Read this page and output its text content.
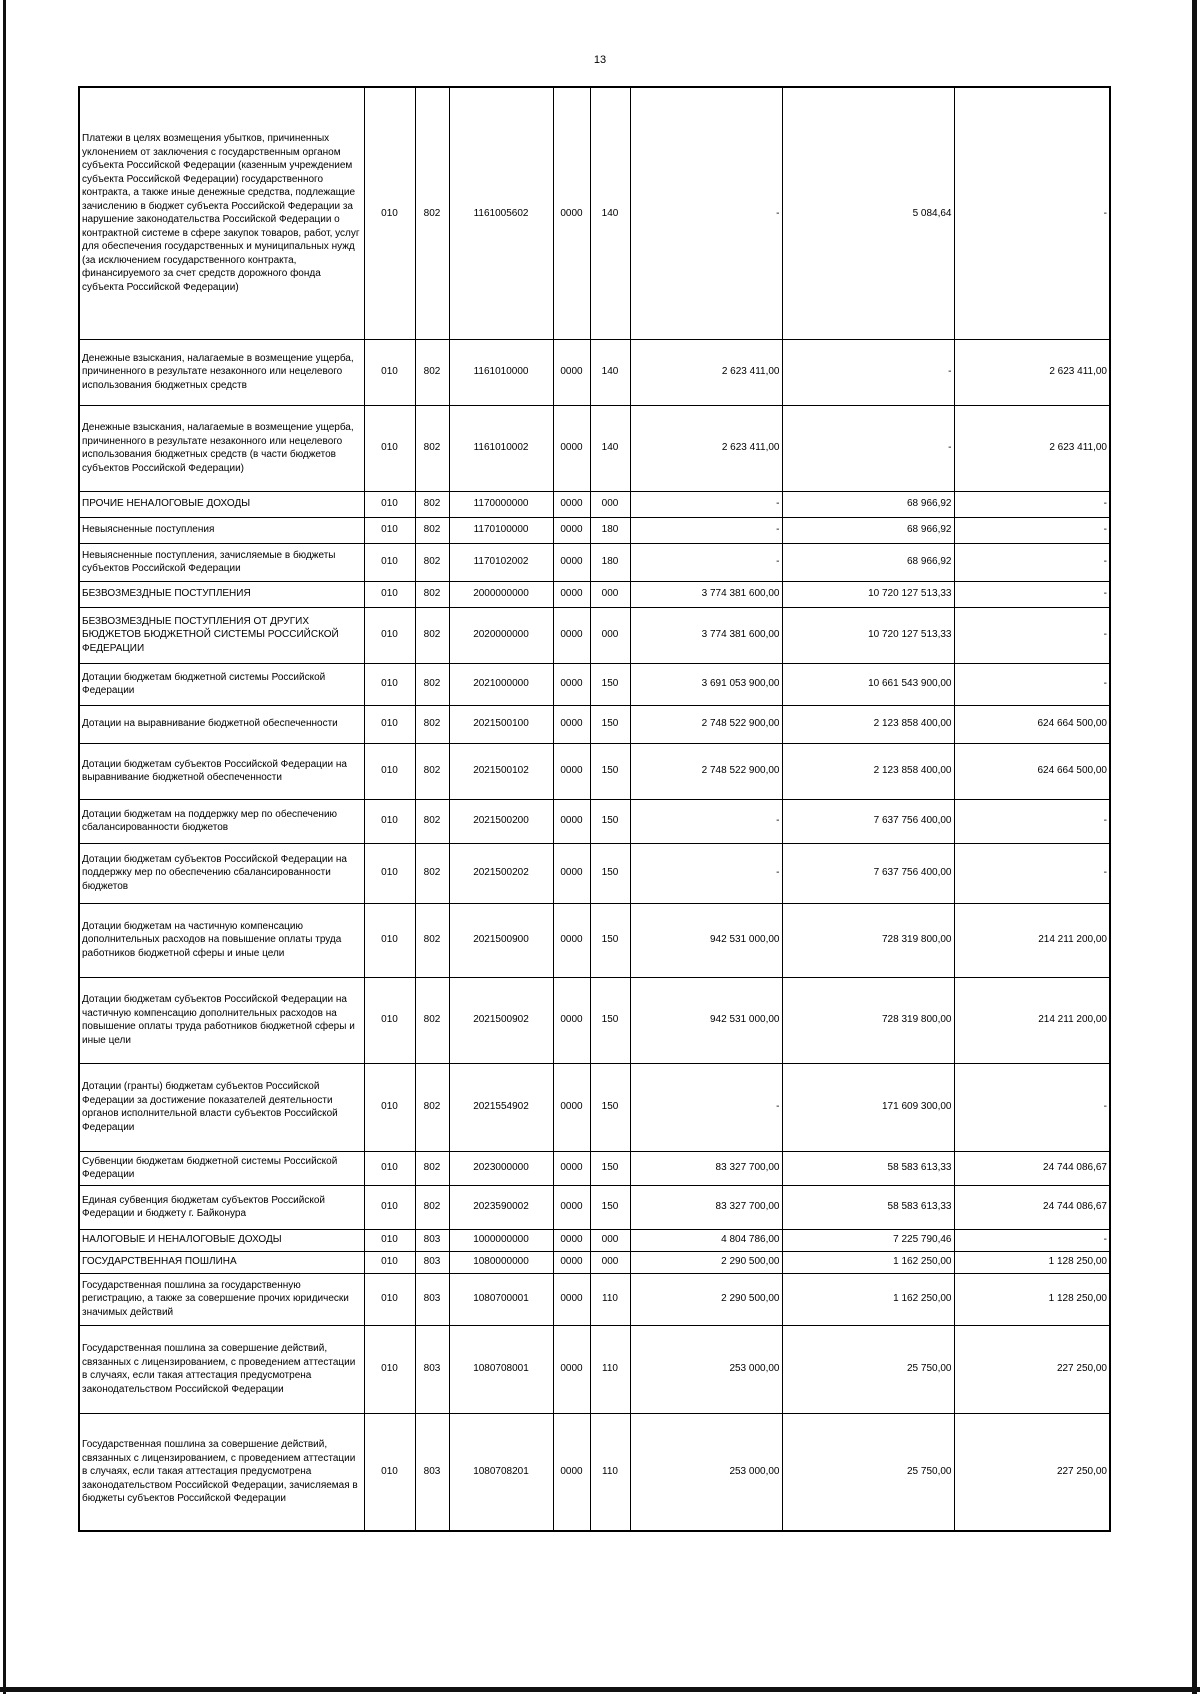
13
Платежи в целях возмещения убытков, причиненных уклонением от заключения с государственным органом субъекта Российской Федерации (казенным учреждением субъекта Российской Федерации) государственного контракта, а также иные денежные средства, подлежащие зачислению в бюджет субъекта Российской Федерации за нарушение законодательства Российской Федерации о контрактной системе в сфере закупок товаров, работ, услуг для обеспечения государственных и муниципальных нужд (за исключением государственного контракта, финансируемого за счет средств дорожного фонда субъекта Российской Федерации)	010	802	1161005602	0000	140	-	5 084,64	-
Денежные взыскания, налагаемые в возмещение ущерба, причиненного в результате незаконного или нецелевого использования бюджетных средств	010	802	1161010000	0000	140	2 623 411,00	-	2 623 411,00
Денежные взыскания, налагаемые в возмещение ущерба, причиненного в результате незаконного или нецелевого использования бюджетных средств (в части бюджетов субъектов Российской Федерации)	010	802	1161010002	0000	140	2 623 411,00	-	2 623 411,00
ПРОЧИЕ НЕНАЛОГОВЫЕ ДОХОДЫ	010	802	1170000000	0000	000	-	68 966,92	-
Невыясненные поступления	010	802	1170100000	0000	180	-	68 966,92	-
Невыясненные поступления, зачисляемые в бюджеты субъектов Российской Федерации	010	802	1170102002	0000	180	-	68 966,92	-
БЕЗВОЗМЕЗДНЫЕ ПОСТУПЛЕНИЯ	010	802	2000000000	0000	000	3 774 381 600,00	10 720 127 513,33	-
БЕЗВОЗМЕЗДНЫЕ ПОСТУПЛЕНИЯ ОТ ДРУГИХ БЮДЖЕТОВ БЮДЖЕТНОЙ СИСТЕМЫ РОССИЙСКОЙ ФЕДЕРАЦИИ	010	802	2020000000	0000	000	3 774 381 600,00	10 720 127 513,33	-
Дотации бюджетам бюджетной системы Российской Федерации	010	802	2021000000	0000	150	3 691 053 900,00	10 661 543 900,00	-
Дотации на выравнивание бюджетной обеспеченности	010	802	2021500100	0000	150	2 748 522 900,00	2 123 858 400,00	624 664 500,00
Дотации бюджетам субъектов Российской Федерации на выравнивание бюджетной обеспеченности	010	802	2021500102	0000	150	2 748 522 900,00	2 123 858 400,00	624 664 500,00
Дотации бюджетам на поддержку мер по обеспечению сбалансированности бюджетов	010	802	2021500200	0000	150	-	7 637 756 400,00	-
Дотации бюджетам субъектов Российской Федерации на поддержку мер по обеспечению сбалансированности бюджетов	010	802	2021500202	0000	150	-	7 637 756 400,00	-
Дотации бюджетам на частичную компенсацию дополнительных расходов на повышение оплаты труда работников бюджетной сферы и иные цели	010	802	2021500900	0000	150	942 531 000,00	728 319 800,00	214 211 200,00
Дотации бюджетам субъектов Российской Федерации на частичную компенсацию дополнительных расходов на повышение оплаты труда работников бюджетной сферы и иные цели	010	802	2021500902	0000	150	942 531 000,00	728 319 800,00	214 211 200,00
Дотации (гранты) бюджетам субъектов Российской Федерации за достижение показателей деятельности органов исполнительной власти субъектов Российской Федерации	010	802	2021554902	0000	150	-	171 609 300,00	-
Субвенции бюджетам бюджетной системы Российской Федерации	010	802	2023000000	0000	150	83 327 700,00	58 583 613,33	24 744 086,67
Единая субвенция бюджетам субъектов Российской Федерации и бюджету г. Байконура	010	802	2023590002	0000	150	83 327 700,00	58 583 613,33	24 744 086,67
НАЛОГОВЫЕ И НЕНАЛОГОВЫЕ ДОХОДЫ	010	803	1000000000	0000	000	4 804 786,00	7 225 790,46	-
ГОСУДАРСТВЕННАЯ ПОШЛИНА	010	803	1080000000	0000	000	2 290 500,00	1 162 250,00	1 128 250,00
Государственная пошлина за государственную регистрацию, а также за совершение прочих юридически значимых действий	010	803	1080700001	0000	110	2 290 500,00	1 162 250,00	1 128 250,00
Государственная пошлина за совершение действий, связанных с лицензированием, с проведением аттестации в случаях, если такая аттестация предусмотрена законодательством Российской Федерации	010	803	1080708001	0000	110	253 000,00	25 750,00	227 250,00
Государственная пошлина за совершение действий, связанных с лицензированием, с проведением аттестации в случаях, если такая аттестация предусмотрена законодательством Российской Федерации, зачисляемая в бюджеты субъектов Российской Федерации	010	803	1080708201	0000	110	253 000,00	25 750,00	227 250,00
